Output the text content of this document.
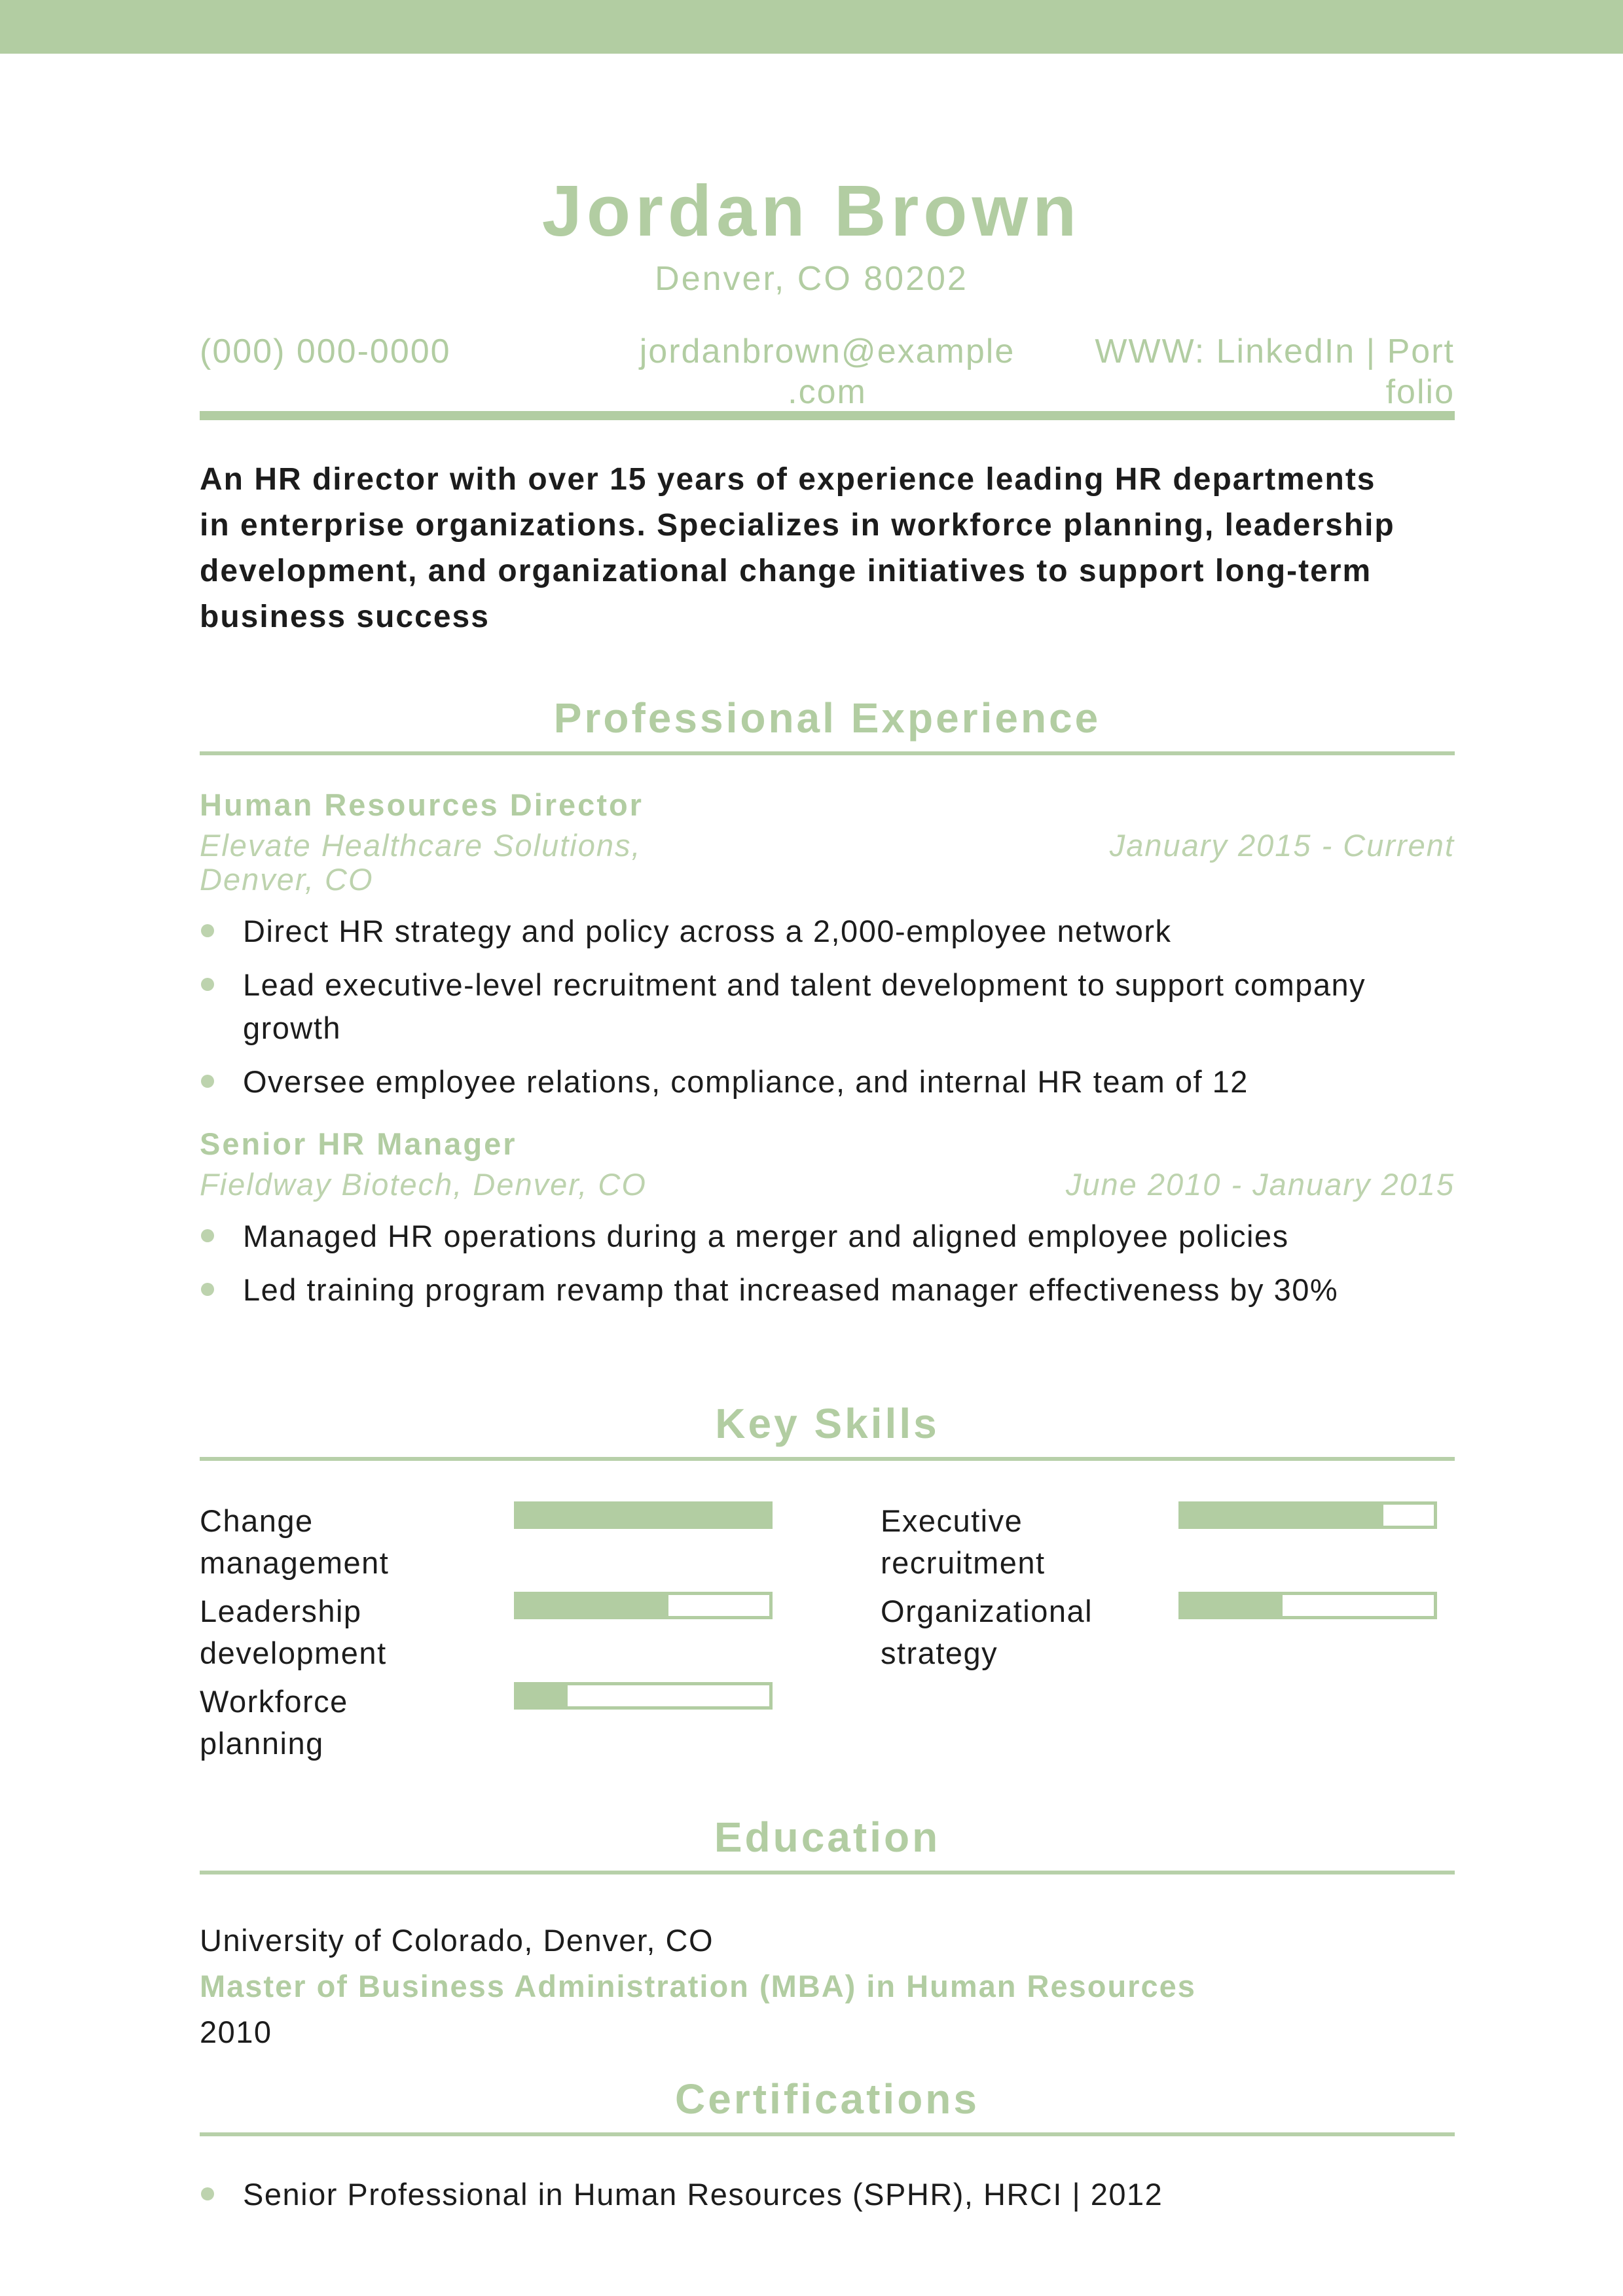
Jordan Brown
Denver, CO 80202
(000) 000-0000	jordanbrown@example
.com
WWW: LinkedIn | Port
folio

An HR director with over 15 years of experience leading HR departments in enterprise organizations. Specializes in workforce planning, leadership development, and organizational change initiatives to support long-term business success

Professional Experience
Human Resources Director
Elevate Healthcare Solutions,
Denver, CO
January 2015 - Current
Direct HR strategy and policy across a 2,000-employee network
Lead executive-level recruitment and talent development to support company growth
Oversee employee relations, compliance, and internal HR team of 12
Senior HR Manager
Fieldway Biotech, Denver, CO	June 2010 - January 2015
Managed HR operations during a merger and aligned employee policies
Led training program revamp that increased manager effectiveness by 30%
Key Skills
Change
management
Leadership
development
Workforce
planning
Executive
recruitment
Organizational
strategy
Education
University of Colorado, Denver, CO
Master of Business Administration (MBA) in Human Resources
2010
Certifications
Senior Professional in Human Resources (SPHR), HRCI | 2012
